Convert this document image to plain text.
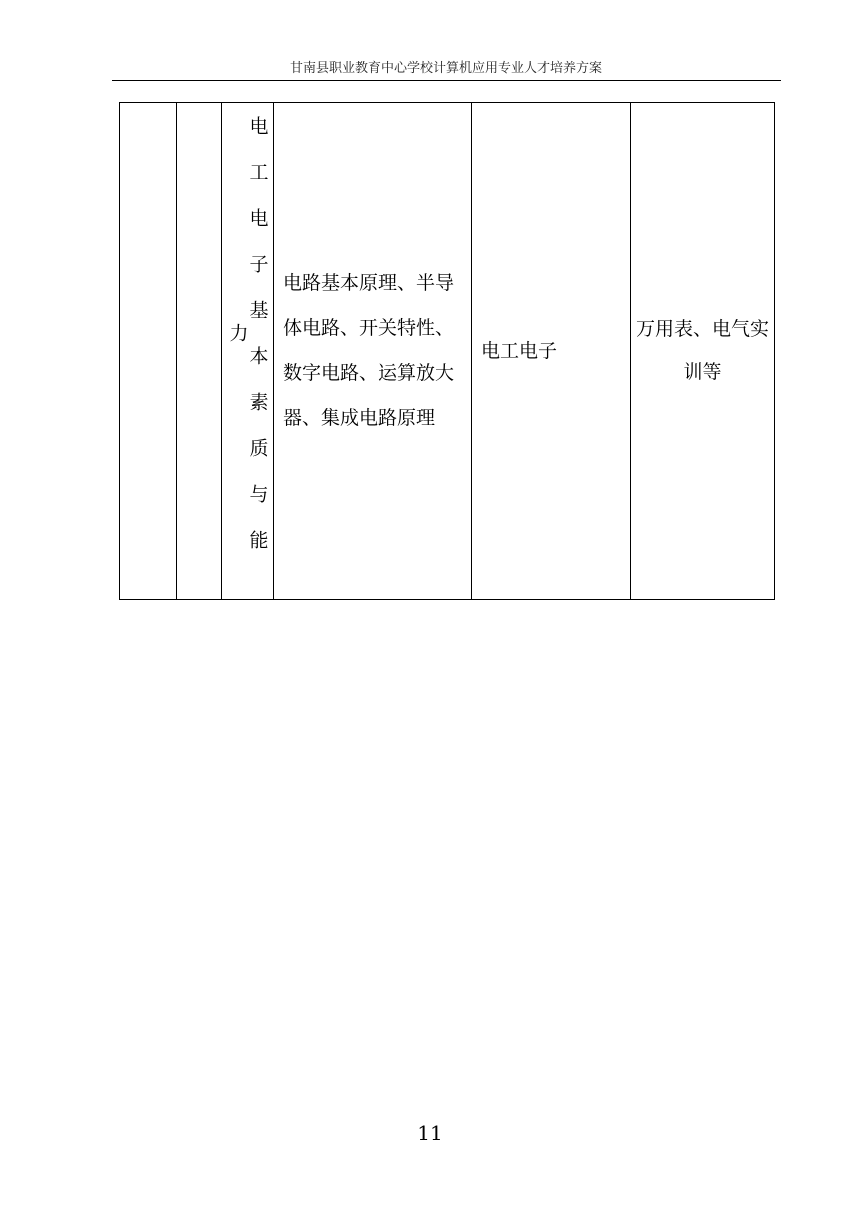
甘南县职业教育中心学校计算机应用专业人才培养方案
		电工电子基本素质与能力	电路基本原理、半导体电路、开关特性、数字电路、运算放大器、集成电路原理	电工电子	万用表、电气实训等
11
